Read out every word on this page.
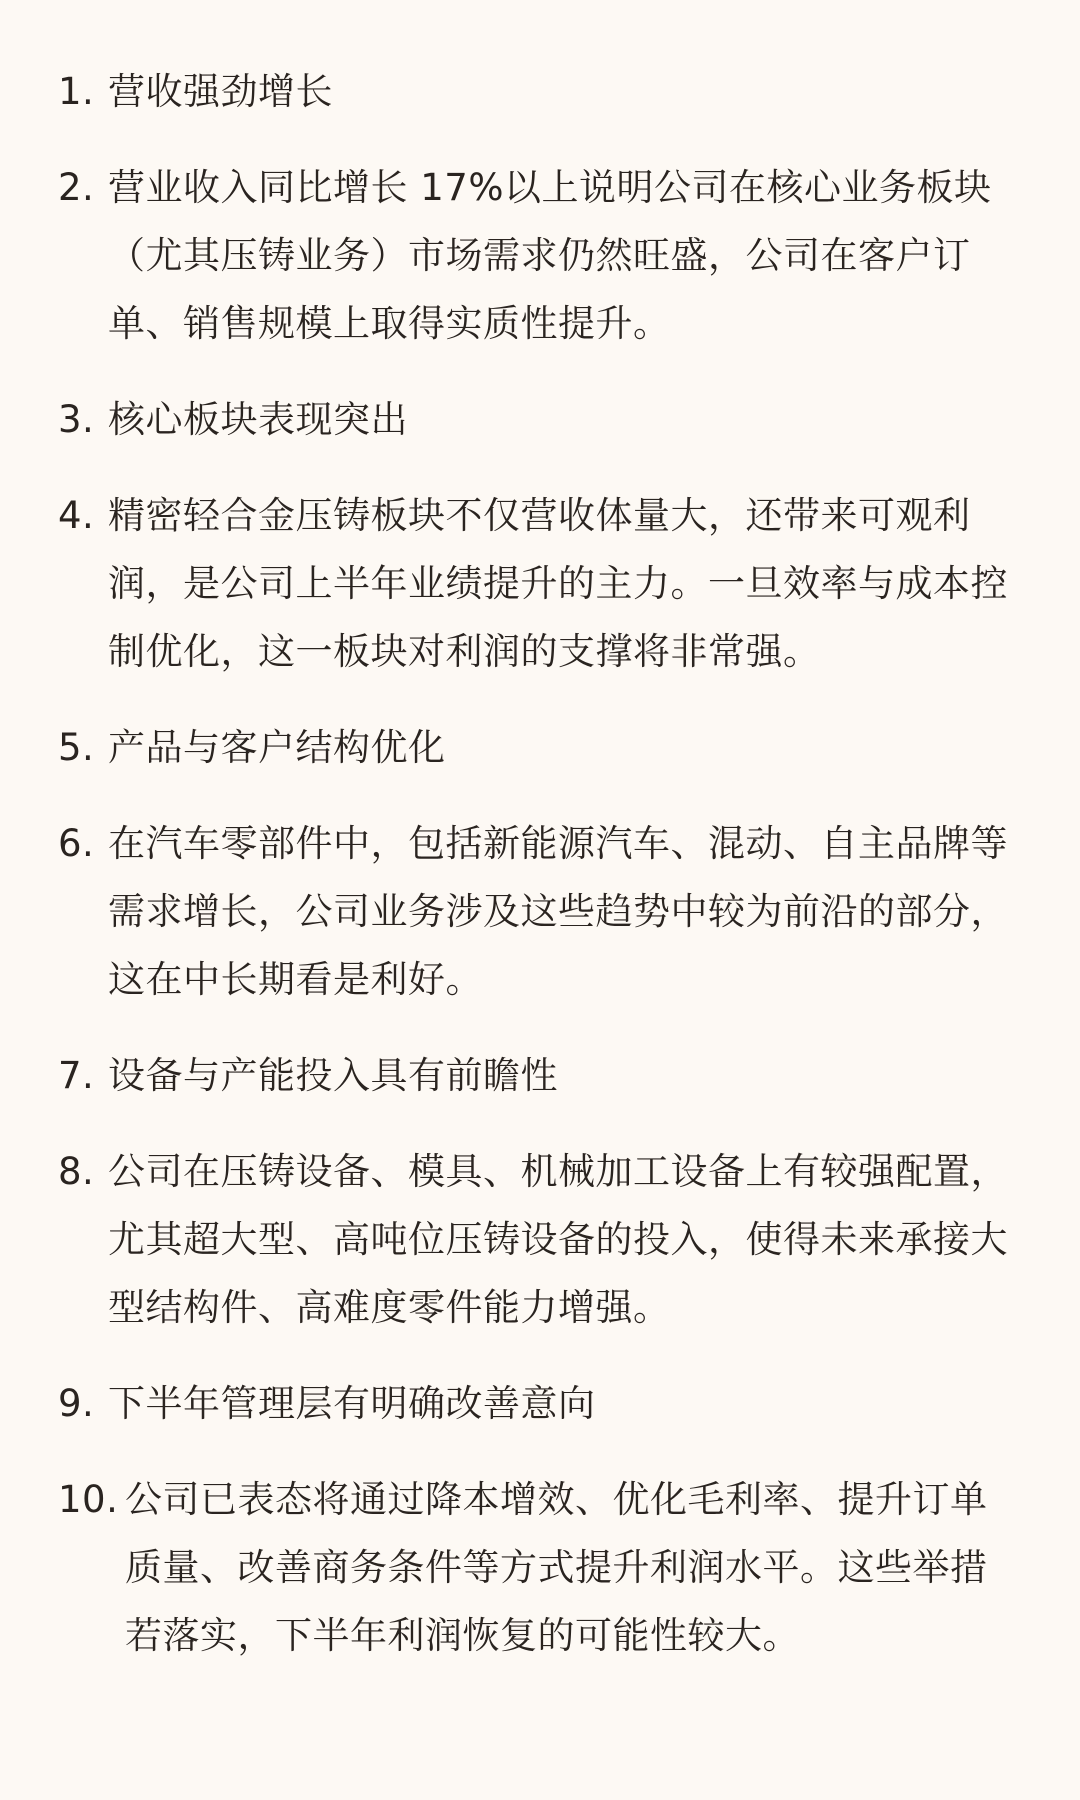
1. 营收强劲增长
2. 营业收入同比增长 17%以上说明公司在核心业务板块（尤其压铸业务）市场需求仍然旺盛，公司在客户订单、销售规模上取得实质性提升。
3. 核心板块表现突出
4. 精密轻合金压铸板块不仅营收体量大，还带来可观利润，是公司上半年业绩提升的主力。一旦效率与成本控制优化，这一板块对利润的支撑将非常强。
5. 产品与客户结构优化
6. 在汽车零部件中，包括新能源汽车、混动、自主品牌等需求增长，公司业务涉及这些趋势中较为前沿的部分，这在中长期看是利好。
7. 设备与产能投入具有前瞻性
8. 公司在压铸设备、模具、机械加工设备上有较强配置，尤其超大型、高吨位压铸设备的投入，使得未来承接大型结构件、高难度零件能力增强。
9. 下半年管理层有明确改善意向
10. 公司已表态将通过降本增效、优化毛利率、提升订单质量、改善商务条件等方式提升利润水平。这些举措若落实，下半年利润恢复的可能性较大。
